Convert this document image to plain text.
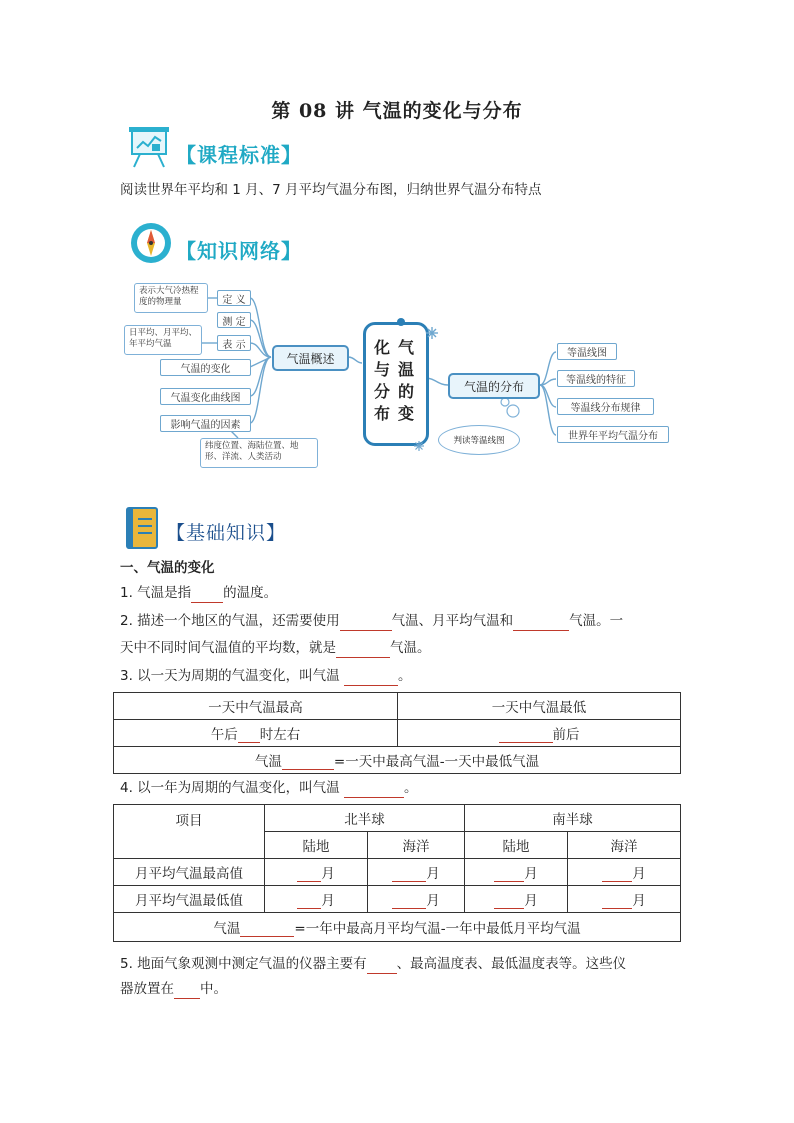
第 08 讲 气温的变化与分布
【课程标准】
阅读世界年平均和 1 月、7 月平均气温分布图，归纳世界气温分布特点
【知识网络】
表示大气冷热程度的物理量
日平均、月平均、年平均气温
定 义
测 定
表 示
气温的变化
气温变化曲线图
影响气温的因素
纬度位置、海陆位置、地形、洋流、人类活动
气温概述
气温的变
化与分布
气温的分布
判读等温线图
等温线图
等温线的特征
等温线分布规律
世界年平均气温分布
【基础知识】
一、气温的变化
1. 气温是指 的温度。
2. 描述一个地区的气温，还需要使用	气温、月平均气温和	气温。一
天中不同时间气温值的平均数，就是	气温。
3. 以一天为周期的气温变化，叫气温	。
一天中气温最高	一天中气温最低
午后 时左右	前后
气温 =一天中最高气温-一天中最低气温	
4. 以一年为周期的气温变化，叫气温	。
项目	北半球		南半球	
	陆地	海洋	陆地	海洋
月平均气温最高值	月	月	月	月
月平均气温最低值	月	月	月	月
气温 =一年中最高月平均气温-一年中最低月平均气温				
5. 地面气象观测中测定气温的仪器主要有 、最高温度表、最低温度表等。这些仪
器放置在 中。
